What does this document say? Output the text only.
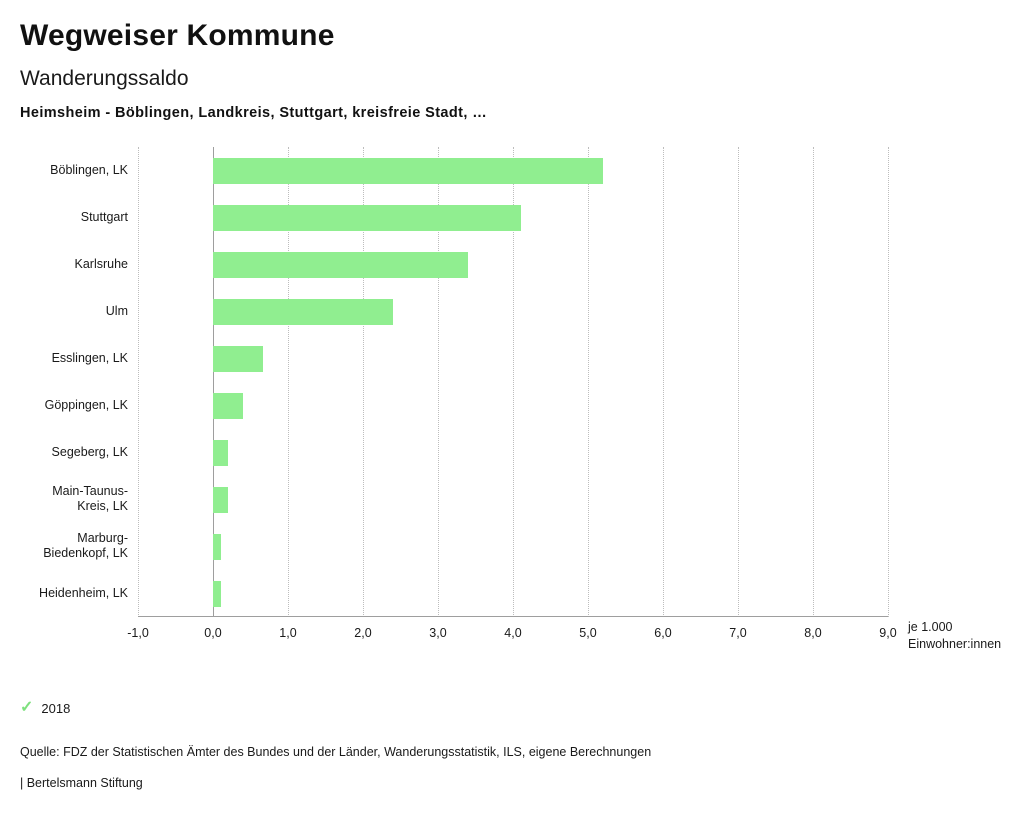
Wegweiser Kommune
Wanderungssaldo
Heimsheim - Böblingen, Landkreis, Stuttgart, kreisfreie Stadt, …
Böblingen, LK
Stuttgart
Karlsruhe
Ulm
Esslingen, LK
Göppingen, LK
Segeberg, LK
Main-Taunus-
Kreis, LK
Marburg-
Biedenkopf, LK
Heidenheim, LK
-1,0	0,0	1,0	2,0	3,0	4,0	5,0	6,0	7,0	8,0	9,0 je 1.000
Einwohner:innen
✓ 2018
Quelle: FDZ der Statistischen Ämter des Bundes und der Länder, Wanderungsstatistik, ILS, eigene Berechnungen
| Bertelsmann Stiftung
